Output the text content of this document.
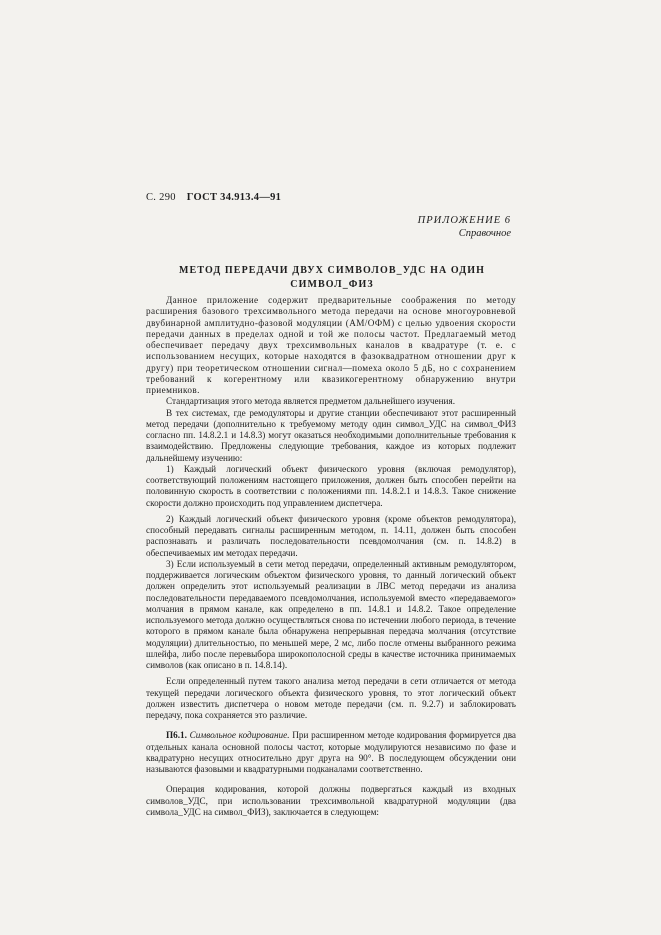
С. 290 ГОСТ 34.913.4—91
ПРИЛОЖЕНИЕ 6
Справочное
МЕТОД ПЕРЕДАЧИ ДВУХ СИМВОЛОВ_УДС НА ОДИН
СИМВОЛ_ФИЗ

Данное приложение содержит предварительные соображения по методу расширения базового трехсимвольного метода передачи на основе многоуровневой двубинарной амплитудно-фазовой модуляции (АМ/ОФМ) с целью удвоения скорости передачи данных в пределах одной и той же полосы частот. Предлагаемый метод обеспечивает передачу двух трехсимвольных каналов в квадратуре (т. е. с использованием несущих, которые находятся в фазоквадратном отношении друг к другу) при теоретическом отношении сигнал—помеха около 5 дБ, но с сохранением требований к когерентному или квазикогерентному обнаружению внутри приемников.

Стандартизация этого метода является предметом дальнейшего изучения.

В тех системах, где ремодуляторы и другие станции обеспечивают этот расширенный метод передачи (дополнительно к требуемому методу один символ_УДС на символ_ФИЗ согласно пп. 14.8.2.1 и 14.8.3) могут оказаться необходимыми дополнительные требования к взаимодействию. Предложены следующие требования, каждое из которых подлежит дальнейшему изучению:

1) Каждый логический объект физического уровня (включая ремодулятор), соответствующий положениям настоящего приложения, должен быть способен перейти на половинную скорость в соответствии с положениями пп. 14.8.2.1 и 14.8.3. Такое снижение скорости должно происходить под управлением диспетчера.

2) Каждый логический объект физического уровня (кроме объектов ремодулятора), способный передавать сигналы расширенным методом, п. 14.11, должен быть способен распознавать и различать последовательности псевдомолчания (см. п. 14.8.2) в обеспечиваемых им методах передачи.

3) Если используемый в сети метод передачи, определенный активным ремодулятором, поддерживается логическим объектом физического уровня, то данный логический объект должен определить этот используемый реализации в ЛВС метод передачи из анализа последовательности передаваемого псевдомолчания, используемой вместо «передаваемого» молчания в прямом канале, как определено в пп. 14.8.1 и 14.8.2. Такое определение используемого метода должно осуществляться снова по истечении любого периода, в течение которого в прямом канале была обнаружена непрерывная передача молчания (отсутствие модуляции) длительностью, по меньшей мере, 2 мс, либо после отмены выбранного режима шлейфа, либо после перевыбора широкополосной среды в качестве источника принимаемых символов (как описано в п. 14.8.14).

Если определенный путем такого анализа метод передачи в сети отличается от метода текущей передачи логического объекта физического уровня, то этот логический объект должен известить диспетчера о новом методе передачи (см. п. 9.2.7) и заблокировать передачу, пока сохраняется это различие.

П6.1. Символьное кодирование. При расширенном методе кодирования формируется два отдельных канала основной полосы частот, которые модулируются независимо по фазе и квадратурно несущих относительно друг друга на 90°. В последующем обсуждении они называются фазовыми и квадратурными подканалами соответственно.

Операция кодирования, которой должны подвергаться каждый из входных символов_УДС, при использовании трехсимвольной квадратурной модуляции (два символа_УДС на символ_ФИЗ), заключается в следующем:
